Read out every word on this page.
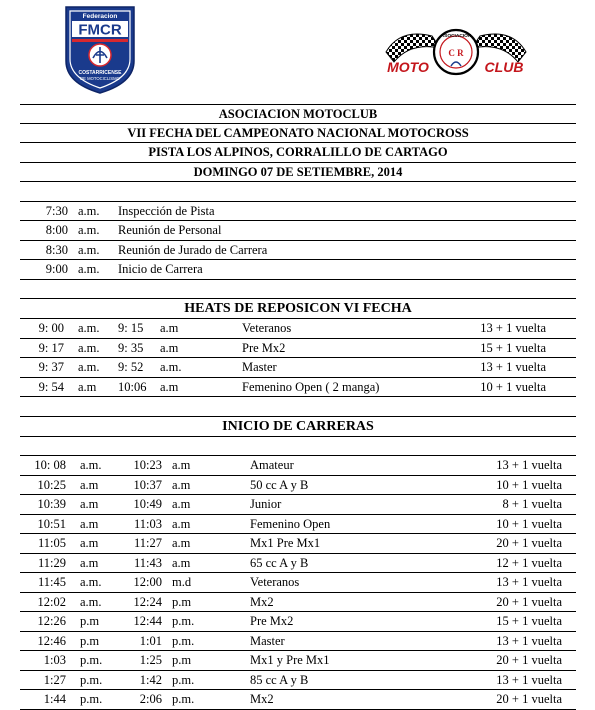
Federacion
FMCR
COSTARRICENSE
DE MOTOCICLISMO
ASOCIACION
C R
MOTO	CLUB
ASOCIACION MOTOCLUB
VII FECHA DEL CAMPEONATO NACIONAL MOTOCROSS
PISTA LOS ALPINOS, CORRALILLO DE CARTAGO
DOMINGO 07 DE SETIEMBRE, 2014
7:30 a.m. Inspección de Pista
8:00 a.m. Reunión de Personal
8:30 a.m. Reunión de Jurado de Carrera
9:00 a.m. Inicio de Carrera
HEATS DE REPOSICON VI FECHA
9: 00 a.m. 9: 15 a.m	Veteranos	13 + 1 vuelta
9: 17 a.m. 9: 35 a.m	Pre Mx2	15 + 1 vuelta
9: 37 a.m. 9: 52 a.m.	Master	13 + 1 vuelta
9: 54 a.m 10:06 a.m	Femenino Open ( 2 manga)	10 + 1 vuelta
INICIO DE CARRERAS
10: 08 a.m.	10:23 a.m	Amateur	13 + 1 vuelta
10:25 a.m	10:37 a.m	50 cc A y B	10 + 1 vuelta
10:39 a.m	10:49 a.m	Junior	8 + 1 vuelta
10:51 a.m	11:03 a.m	Femenino Open	10 + 1 vuelta
11:05 a.m	11:27 a.m	Mx1 Pre Mx1	20 + 1 vuelta
11:29 a.m	11:43 a.m	65 cc A y B	12 + 1 vuelta
11:45 a.m.	12:00 m.d	Veteranos	13 + 1 vuelta
12:02 a.m.	12:24 p.m	Mx2	20 + 1 vuelta
12:26 p.m	12:44 p.m.	Pre Mx2	15 + 1 vuelta
12:46 p.m	1:01 p.m.	Master	13 + 1 vuelta
1:03 p.m.	1:25 p.m	Mx1 y Pre Mx1	20 + 1 vuelta
1:27 p.m.	1:42 p.m.	85 cc A y B	13 + 1 vuelta
1:44 p.m.	2:06 p.m.	Mx2	20 + 1 vuelta
